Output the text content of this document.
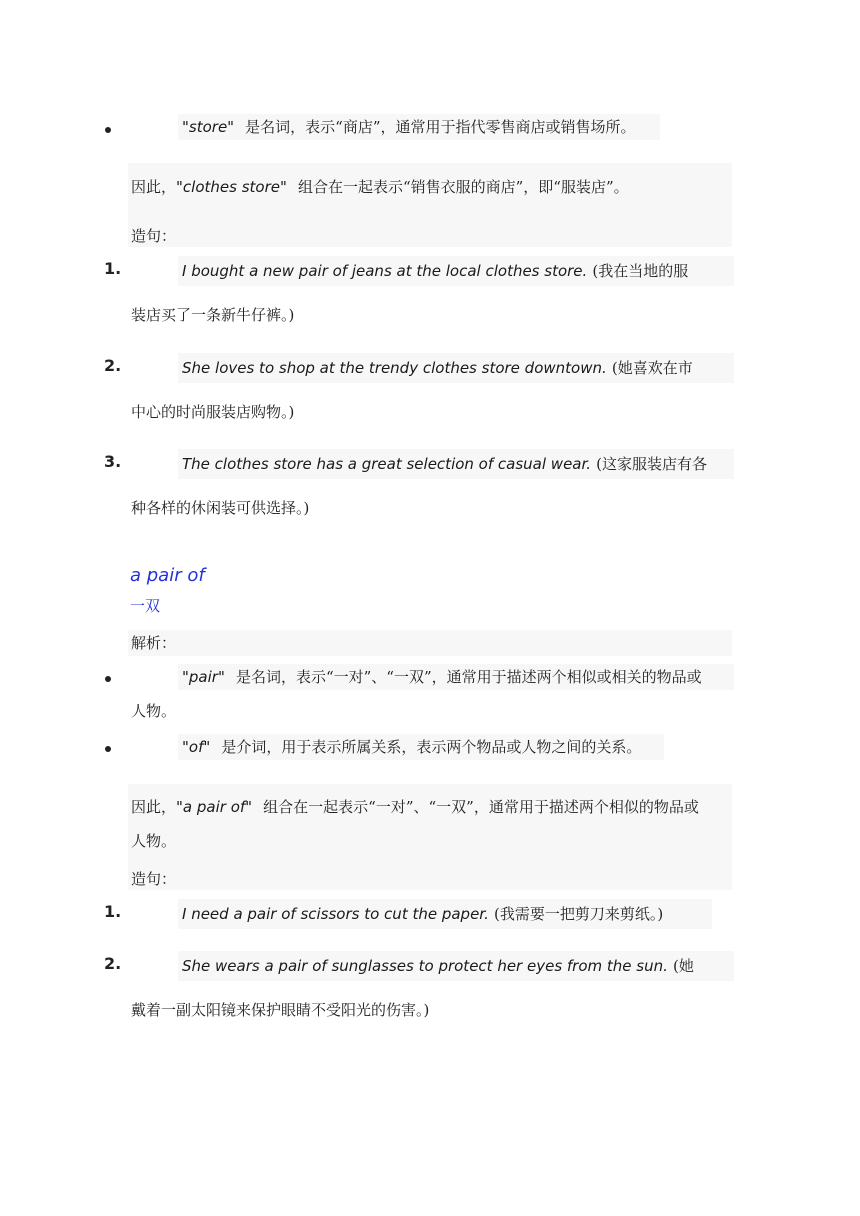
"store" 是名词，表示“商店”，通常用于指代零售商店或销售场所。
因此，"clothes store" 组合在一起表示“销售衣服的商店”，即“服装店”。
造句：
1.	I bought a new pair of jeans at the local clothes store. (我在当地的服
装店买了一条新牛仔裤。)
2.	She loves to shop at the trendy clothes store downtown. (她喜欢在市
中心的时尚服装店购物。)
3.	The clothes store has a great selection of casual wear. (这家服装店有各
种各样的休闲装可供选择。)
a pair of
一双
解析：
"pair" 是名词，表示“一对”、“一双”，通常用于描述两个相似或相关的物品或
人物。
"of" 是介词，用于表示所属关系，表示两个物品或人物之间的关系。
因此，"a pair of" 组合在一起表示“一对”、“一双”，通常用于描述两个相似的物品或
人物。
造句：
1.	I need a pair of scissors to cut the paper. (我需要一把剪刀来剪纸。)
2.	She wears a pair of sunglasses to protect her eyes from the sun. (她
戴着一副太阳镜来保护眼睛不受阳光的伤害。)
